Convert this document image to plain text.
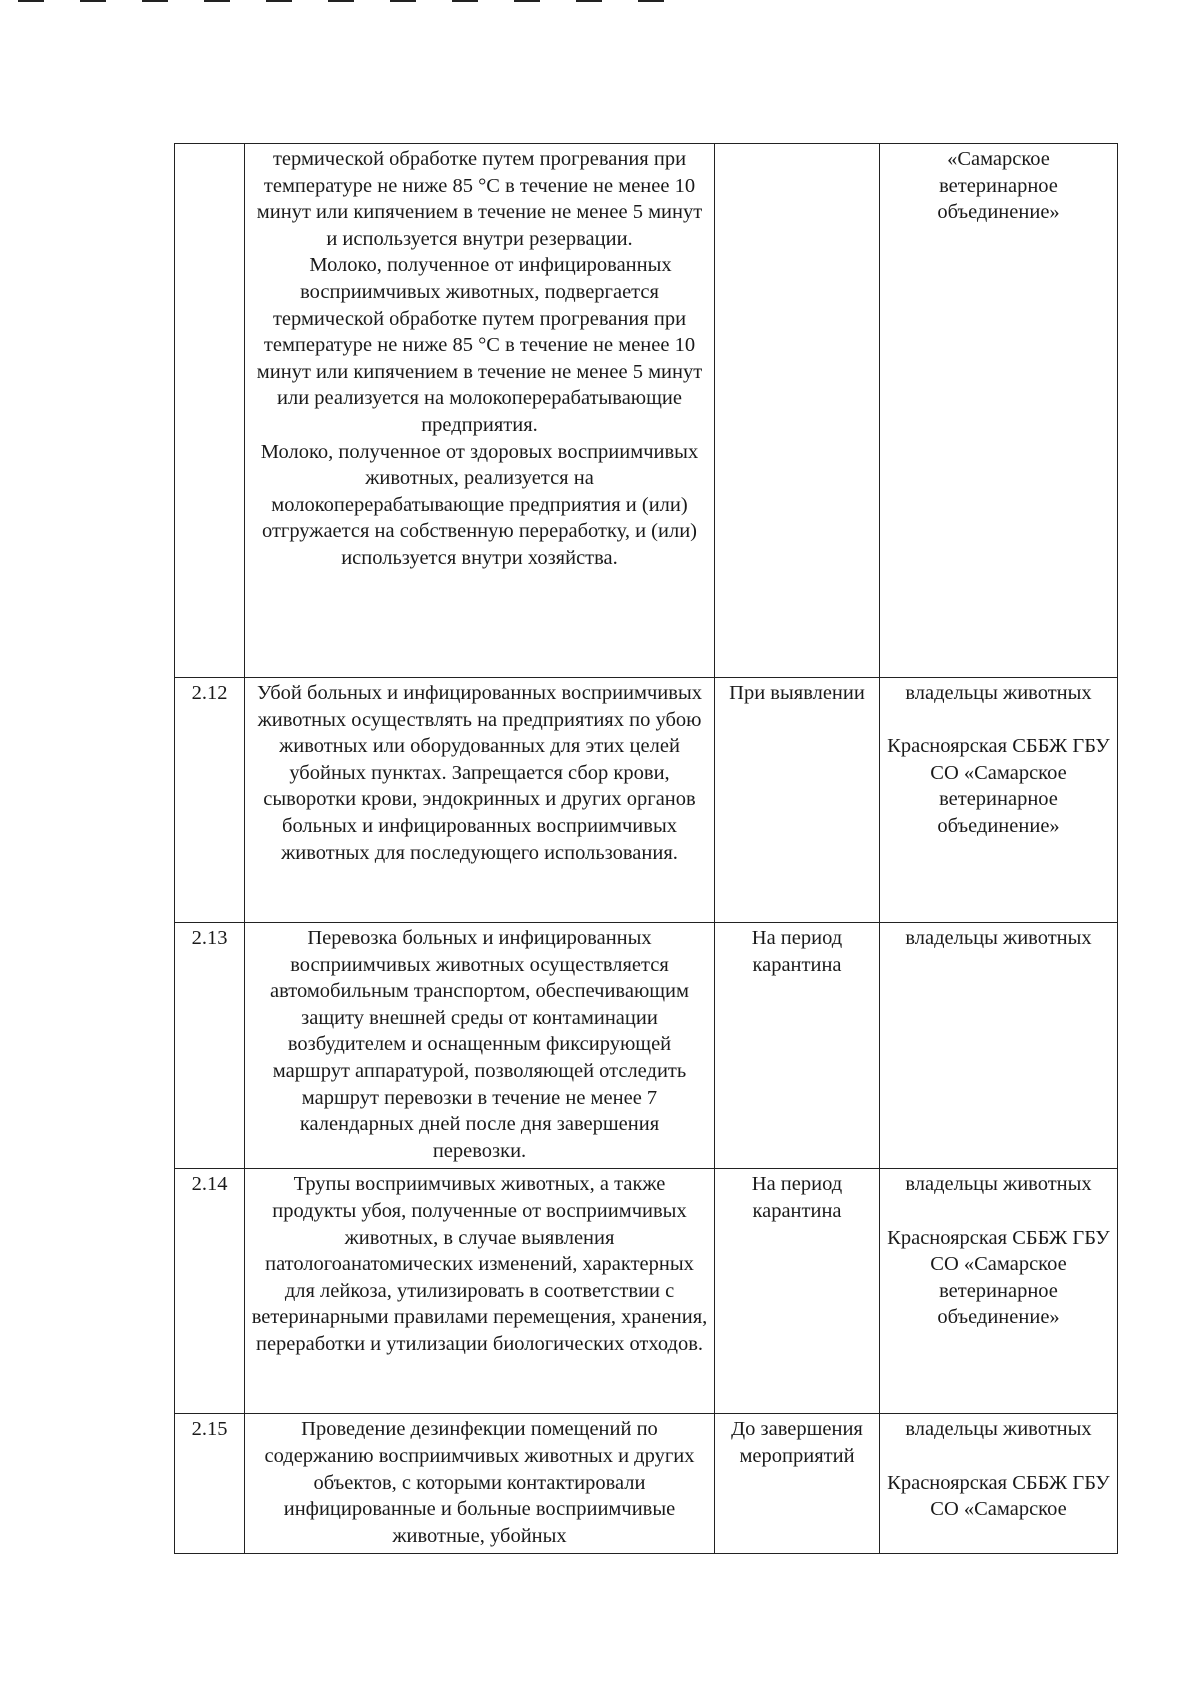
	термической обработке путем прогревания при температуре не ниже 85 °С в течение не менее 10 минут или кипячением в течение не менее 5 минут и используется внутри резервации.

Молоко, полученное от инфицированных восприимчивых животных, подвергается термической обработке путем прогревания при температуре не ниже 85 °С в течение не менее 10 минут или кипячением в течение не менее 5 минут или реализуется на молокоперерабатывающие предприятия.

Молоко, полученное от здоровых восприимчивых животных, реализуется на молокоперерабатывающие предприятия и (или) отгружается на собственную переработку, и (или) используется внутри хозяйства.		«Самарское ветеринарное объединение»

2.12	Убой больных и инфицированных восприимчивых животных осуществлять на предприятиях по убою животных или оборудованных для этих целей убойных пунктах. Запрещается сбор крови, сыворотки крови, эндокринных и других органов больных и инфицированных восприимчивых животных для последующего использования.	При выявлении	владельцы животных
Красноярская СББЖ ГБУ СО «Самарское ветеринарное объединение»

2.13	Перевозка больных и инфицированных восприимчивых животных осуществляется автомобильным транспортом, обеспечивающим защиту внешней среды от контаминации возбудителем и оснащенным фиксирующей маршрут аппаратурой, позволяющей отследить маршрут перевозки в течение не менее 7 календарных дней после дня завершения перевозки.	На период карантина	владельцы животных

2.14	Трупы восприимчивых животных, а также продукты убоя, полученные от восприимчивых животных, в случае выявления патологоанатомических изменений, характерных для лейкоза, утилизировать в соответствии с ветеринарными правилами перемещения, хранения, переработки и утилизации биологических отходов.	На период карантина	владельцы животных
Красноярская СББЖ ГБУ СО «Самарское ветеринарное объединение»

2.15	Проведение дезинфекции помещений по содержанию восприимчивых животных и других объектов, с которыми контактировали инфицированные и больные восприимчивые животные, убойных	До завершения мероприятий	владельцы животных
Красноярская СББЖ ГБУ СО «Самарское
